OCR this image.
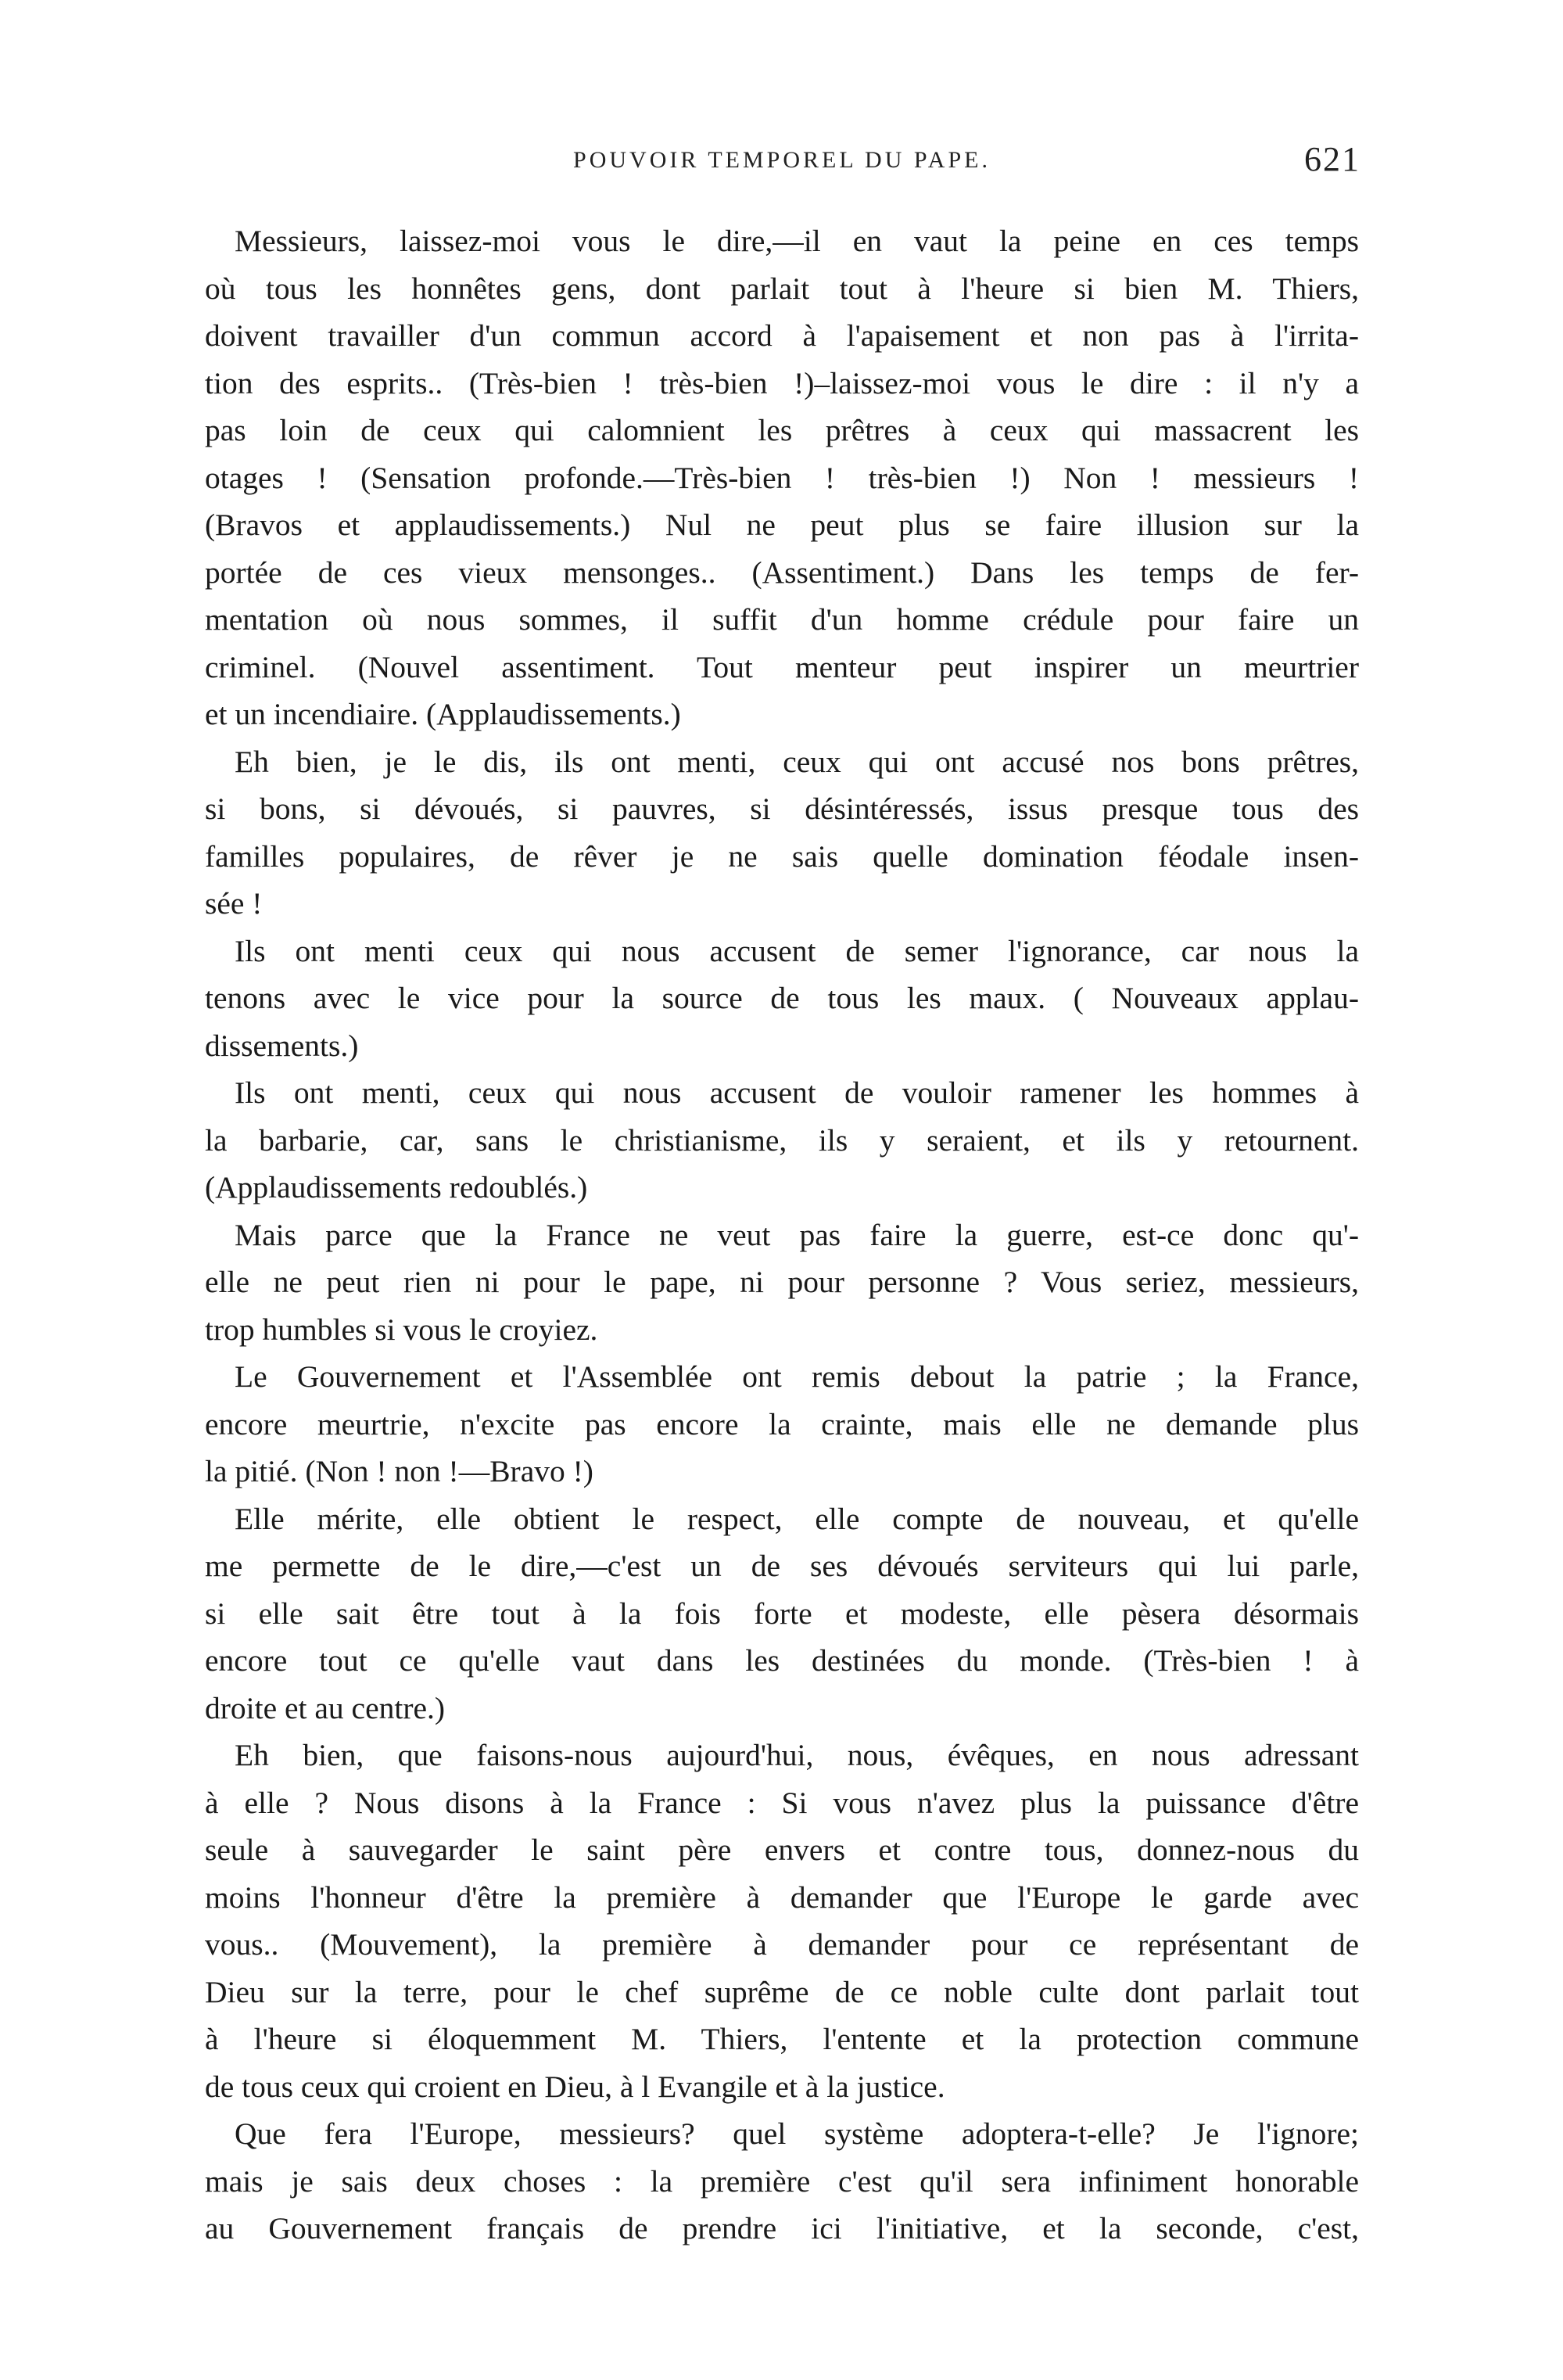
POUVOIR TEMPOREL DU PAPE.	621
Messieurs, laissez-moi vous le dire,—il en vaut la peine en ces temps
où tous les honnêtes gens, dont parlait tout à l'heure si bien M. Thiers,
doivent travailler d'un commun accord à l'apaisement et non pas à l'irrita-
tion des esprits.. (Très-bien ! très-bien !)–laissez-moi vous le dire : il n'y a
pas loin de ceux qui calomnient les prêtres à ceux qui massacrent les
otages ! (Sensation profonde.—Très-bien ! très-bien !) Non ! messieurs !
(Bravos et applaudissements.) Nul ne peut plus se faire illusion sur la
portée de ces vieux mensonges.. (Assentiment.) Dans les temps de fer-
mentation où nous sommes, il suffit d'un homme crédule pour faire un
criminel. (Nouvel assentiment. Tout menteur peut inspirer un meurtrier
et un incendiaire. (Applaudissements.)
Eh bien, je le dis, ils ont menti, ceux qui ont accusé nos bons prêtres,
si bons, si dévoués, si pauvres, si désintéressés, issus presque tous des
familles populaires, de rêver je ne sais quelle domination féodale insen-
sée !
Ils ont menti ceux qui nous accusent de semer l'ignorance, car nous la
tenons avec le vice pour la source de tous les maux. ( Nouveaux applau-
dissements.)
Ils ont menti, ceux qui nous accusent de vouloir ramener les hommes à
la barbarie, car, sans le christianisme, ils y seraient, et ils y retournent.
(Applaudissements redoublés.)
Mais parce que la France ne veut pas faire la guerre, est-ce donc qu'-
elle ne peut rien ni pour le pape, ni pour personne ? Vous seriez, messieurs,
trop humbles si vous le croyiez.
Le Gouvernement et l'Assemblée ont remis debout la patrie ; la France,
encore meurtrie, n'excite pas encore la crainte, mais elle ne demande plus
la pitié. (Non ! non !—Bravo !)
Elle mérite, elle obtient le respect, elle compte de nouveau, et qu'elle
me permette de le dire,—c'est un de ses dévoués serviteurs qui lui parle,
si elle sait être tout à la fois forte et modeste, elle pèsera désormais
encore tout ce qu'elle vaut dans les destinées du monde. (Très-bien ! à
droite et au centre.)
Eh bien, que faisons-nous aujourd'hui, nous, évêques, en nous adressant
à elle ? Nous disons à la France : Si vous n'avez plus la puissance d'être
seule à sauvegarder le saint père envers et contre tous, donnez-nous du
moins l'honneur d'être la première à demander que l'Europe le garde avec
vous.. (Mouvement), la première à demander pour ce représentant de
Dieu sur la terre, pour le chef suprême de ce noble culte dont parlait tout
à l'heure si éloquemment M. Thiers, l'entente et la protection commune
de tous ceux qui croient en Dieu, à l Evangile et à la justice.
Que fera l'Europe, messieurs? quel système adoptera-t-elle? Je l'ignore;
mais je sais deux choses : la première c'est qu'il sera infiniment honorable
au Gouvernement français de prendre ici l'initiative, et la seconde, c'est,
